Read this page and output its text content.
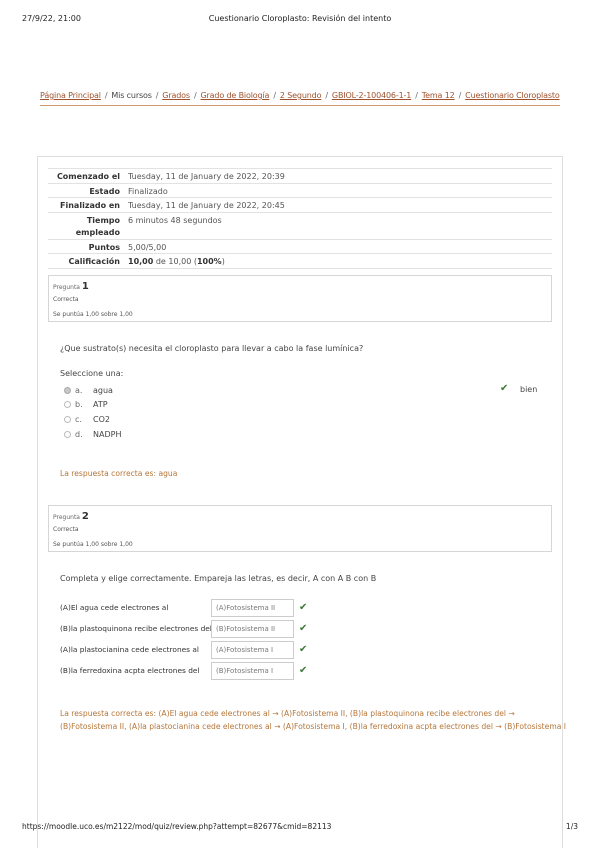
27/9/22, 21:00	Cuestionario Cloroplasto: Revisión del intento
Página Principal / Mis cursos / Grados / Grado de Biología / 2 Segundo / GBIOL-2-100406-1-1 / Tema 12 / Cuestionario Cloroplasto
Comenzado el	Tuesday, 11 de January de 2022, 20:39
Estado	Finalizado
Finalizado en	Tuesday, 11 de January de 2022, 20:45
Tiempo
empleado
6 minutos 48 segundos
Puntos	5,00/5,00
Calificación	10,00 de 10,00 (100%)
Pregunta 1
Correcta
Se puntúa 1,00 sobre 1,00
¿Que sustrato(s) necesita el cloroplasto para llevar a cabo la fase lumínica?
Seleccione una:
a.	agua	✔ bien
b.	ATP
c.	CO2
d.	NADPH
La respuesta correcta es: agua
Pregunta 2
Correcta
Se puntúa 1,00 sobre 1,00
Completa y elige correctamente. Empareja las letras, es decir, A con A B con B
(A)El agua cede electrones al	(A)Fotosistema II	✔
(B)la plastoquinona recibe electrones del (B)Fotosistema II	✔
(A)la plastocianina cede electrones al	(A)Fotosistema I	✔
(B)la ferredoxina acpta electrones del	(B)Fotosistema I	✔
La respuesta correcta es: (A)El agua cede electrones al → (A)Fotosistema II, (B)la plastoquinona recibe electrones del →
(B)Fotosistema II, (A)la plastocianina cede electrones al → (A)Fotosistema I, (B)la ferredoxina acpta electrones del → (B)Fotosistema I
https://moodle.uco.es/m2122/mod/quiz/review.php?attempt=82677&cmid=82113	1/3
